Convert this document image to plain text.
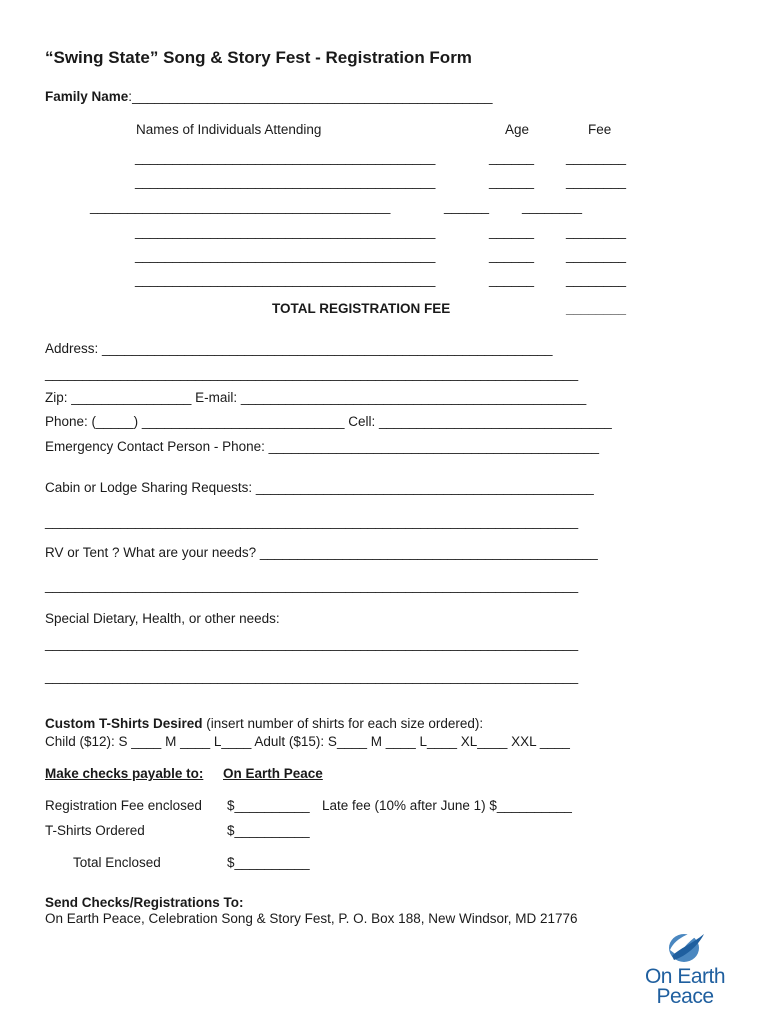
“Swing State” Song & Story Fest - Registration Form
Family Name:________________________________________________
Names of Individuals Attending	Age	Fee
________________________________________	______ ________
________________________________________	______ ________
________________________________________	______ ________
________________________________________	______ ________
________________________________________	______ ________
________________________________________	______ ________
TOTAL REGISTRATION FEE	________
Address: ____________________________________________________________
_______________________________________________________________________
Zip: ________________ E-mail: ______________________________________________
Phone: (_____) ___________________________ Cell: _______________________________
Emergency Contact Person - Phone: ____________________________________________
Cabin or Lodge Sharing Requests: _____________________________________________
_______________________________________________________________________
RV or Tent ? What are your needs? _____________________________________________
_______________________________________________________________________
Special Dietary, Health, or other needs:
_______________________________________________________________________
_______________________________________________________________________
Custom T-Shirts Desired (insert number of shirts for each size ordered):
Child ($12): S ____ M ____ L____ Adult ($15): S____ M ____ L____ XL____ XXL ____
Make checks payable to: On Earth Peace
Registration Fee enclosed $__________ Late fee (10% after June 1) $__________
T-Shirts Ordered	$__________
Total Enclosed	$__________
Send Checks/Registrations To:
On Earth Peace, Celebration Song & Story Fest, P. O. Box 188, New Windsor, MD 21776
On Earth
Peace
